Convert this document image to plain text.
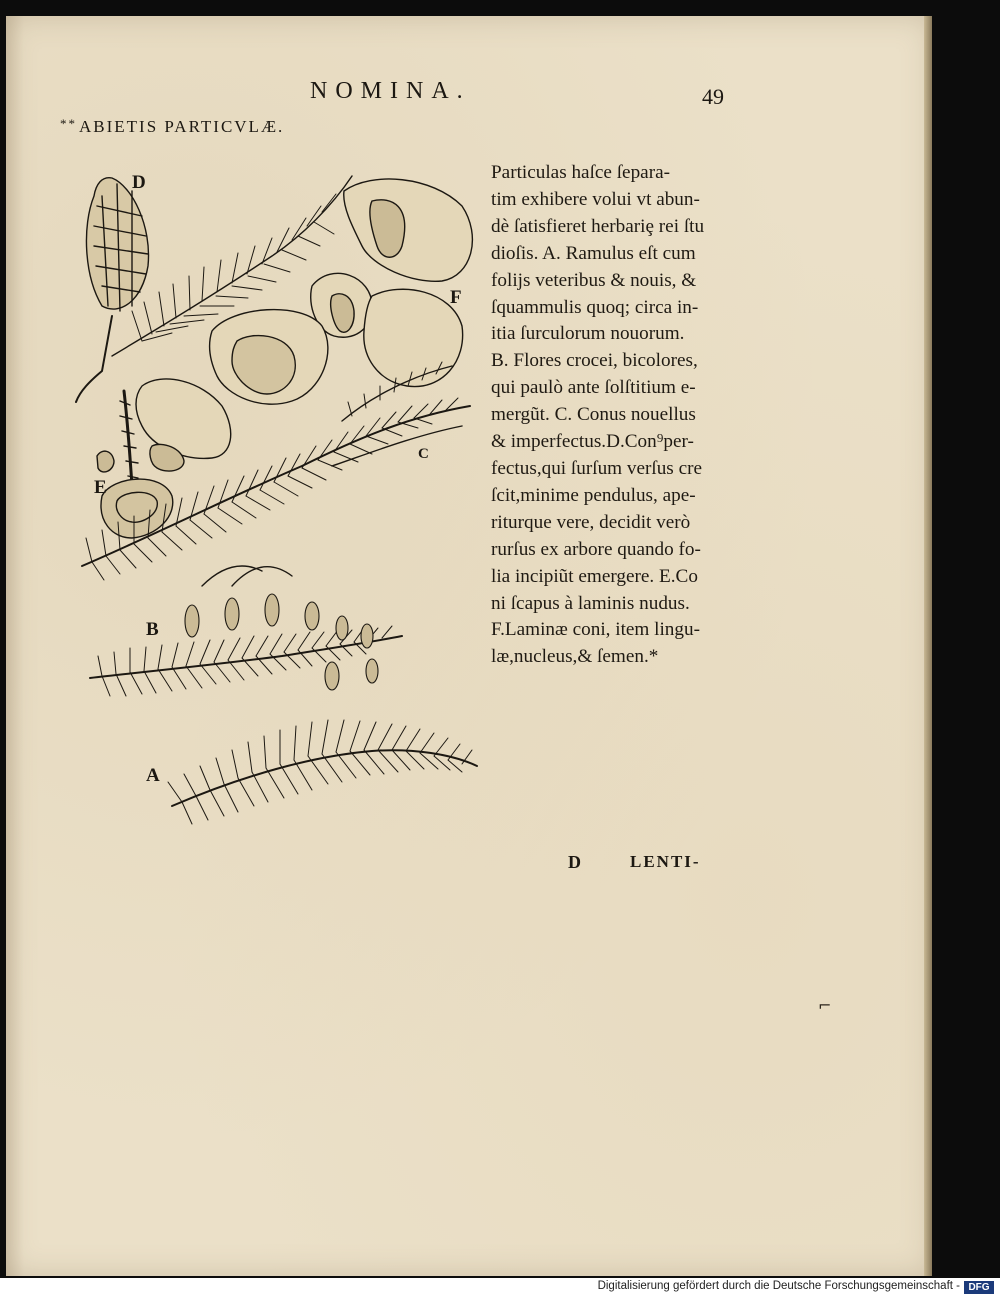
NOMINA.	49
** ABIETIS PARTICVLÆ.
D
F
C
E
B
A
Particulas haſce ſepara-
tim exhibere volui vt abun-
dè ſatisfieret herbariȩ rei ſtu
dioſis. A. Ramulus eſt cum
folijs veteribus & nouis, &
ſquammulis quoq; circa in-
itia ſurculorum nouorum.
B. Flores crocei, bicolores,
qui paulò ante ſolſtitium e-
mergũt. C. Conus nouellus
& imperfectus.D.Con⁹per-
fectus,qui ſurſum verſus cre
ſcit,minime pendulus, ape-
riturque vere, decidit verò
rurſus ex arbore quando fo-
lia incipiũt emergere. E.Co
ni ſcapus à laminis nudus.
F.Laminæ coni, item lingu-
læ,nucleus,& ſemen.*
D	LENTI-
⌐
Digitalisierung gefördert durch die Deutsche Forschungsgemeinschaft - DFG
